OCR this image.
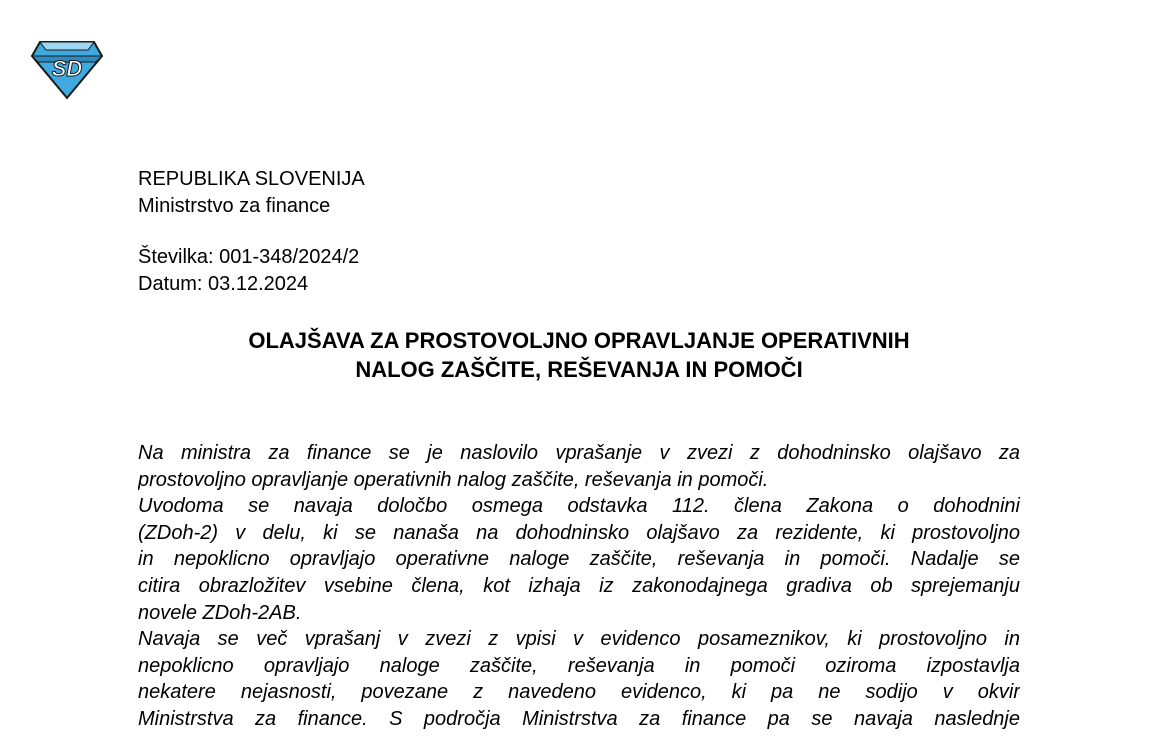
SD
REPUBLIKA SLOVENIJA
Ministrstvo za finance
Številka: 001-348/2024/2
Datum: 03.12.2024
OLAJŠAVA ZA PROSTOVOLJNO OPRAVLJANJE OPERATIVNIH
NALOG ZAŠČITE, REŠEVANJA IN POMOČI
Na ministra za finance se je naslovilo vprašanje v zvezi z dohodninsko olajšavo za
prostovoljno opravljanje operativnih nalog zaščite, reševanja in pomoči.
Uvodoma se navaja določbo osmega odstavka 112. člena Zakona o dohodnini
(ZDoh-2) v delu, ki se nanaša na dohodninsko olajšavo za rezidente, ki prostovoljno
in nepoklicno opravljajo operativne naloge zaščite, reševanja in pomoči. Nadalje se
citira obrazložitev vsebine člena, kot izhaja iz zakonodajnega gradiva ob sprejemanju
novele ZDoh-2AB.
Navaja se več vprašanj v zvezi z vpisi v evidenco posameznikov, ki prostovoljno in
nepoklicno opravljajo naloge zaščite, reševanja in pomoči oziroma izpostavlja
nekatere nejasnosti, povezane z navedeno evidenco, ki pa ne sodijo v okvir
Ministrstva za finance. S področja Ministrstva za finance pa se navaja naslednje
